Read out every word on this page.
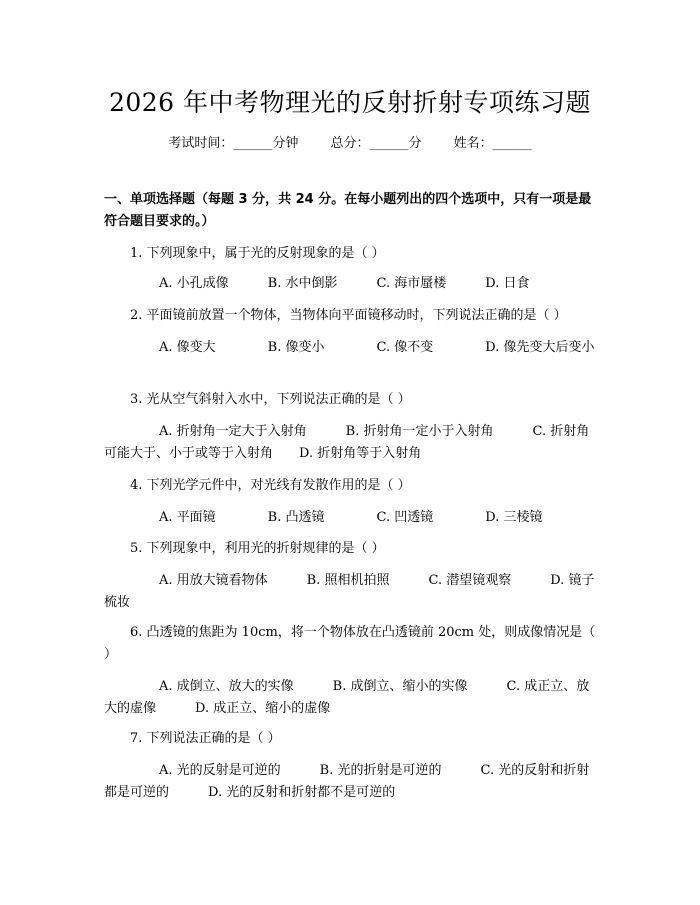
2026 年中考物理光的反射折射专项练习题
考试时间：______分钟 总分：______分 姓名：______
一、单项选择题（每题 3 分，共 24 分。在每小题列出的四个选项中，只有一项是最符合题目要求的。）
1. 下列现象中，属于光的反射现象的是（ ）
A. 小孔成像　　　B. 水中倒影　　　C. 海市蜃楼　　　D. 日食
2. 平面镜前放置一个物体，当物体向平面镜移动时，下列说法正确的是（ ）
A. 像变大　　　　B. 像变小　　　　C. 像不变　　　　D. 像先变大后变小
3. 光从空气斜射入水中，下列说法正确的是（ ）
A. 折射角一定大于入射角　　　B. 折射角一定小于入射角　　　C. 折射角可能大于、小于或等于入射角　　D. 折射角等于入射角
4. 下列光学元件中，对光线有发散作用的是（ ）
A. 平面镜　　　　B. 凸透镜　　　　C. 凹透镜　　　　D. 三棱镜
5. 下列现象中，利用光的折射规律的是（ ）
A. 用放大镜看物体　　　B. 照相机拍照　　　C. 潜望镜观察　　　D. 镜子梳妆
6. 凸透镜的焦距为 10cm，将一个物体放在凸透镜前 20cm 处，则成像情况是（ ）
A. 成倒立、放大的实像　　　B. 成倒立、缩小的实像　　　C. 成正立、放大的虚像　　　D. 成正立、缩小的虚像
7. 下列说法正确的是（ ）
A. 光的反射是可逆的　　　B. 光的折射是可逆的　　　C. 光的反射和折射都是可逆的　　　D. 光的反射和折射都不是可逆的
